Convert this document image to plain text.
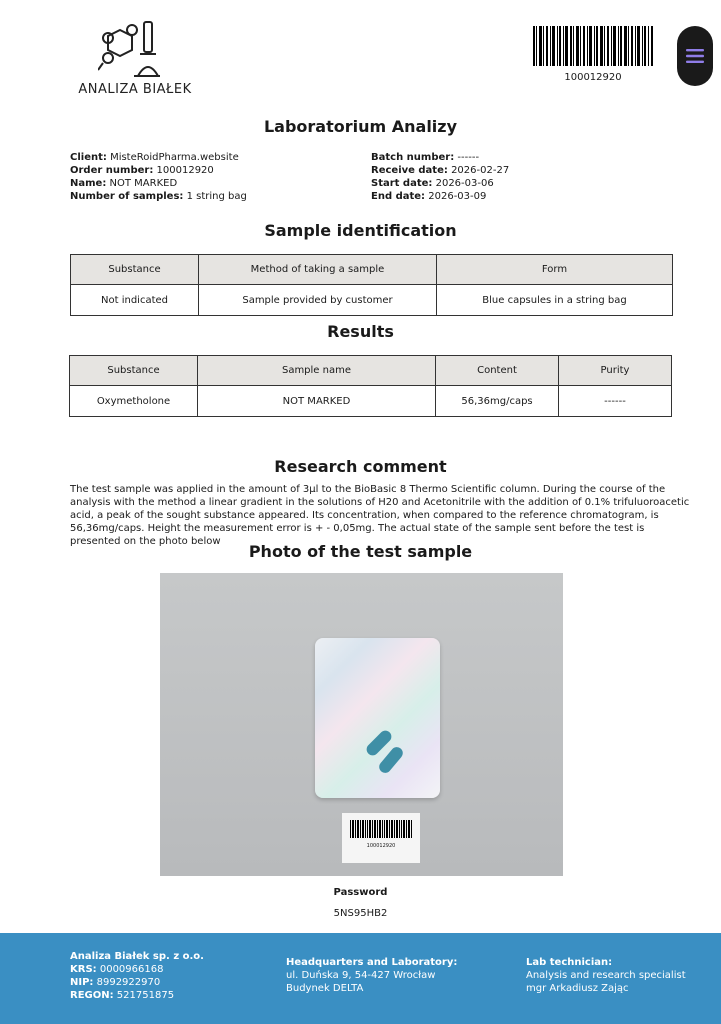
ANALIZA BIAŁEK
100012920
Laboratorium Analizy
Client: MisteRoidPharma.website
Order number: 100012920
Name: NOT MARKED
Number of samples: 1 string bag
Batch number: ------
Receive date: 2026-02-27
Start date: 2026-03-06
End date: 2026-03-09
Sample identification
Substance	Method of taking a sample	Form
Not indicated	Sample provided by customer	Blue capsules in a string bag
Results
Substance	Sample name	Content	Purity
Oxymetholone	NOT MARKED	56,36mg/caps	------
Research comment

The test sample was applied in the amount of 3µl to the BioBasic 8 Thermo Scientific column. During the course of the analysis with the method a linear gradient in the solutions of H20 and Acetonitrile with the addition of 0.1% trifuluoroacetic acid, a peak of the sought substance appeared. Its concentration, when compared to the reference chromatogram, is 56,36mg/caps. Height the measurement error is + - 0,05mg. The actual state of the sample sent before the test is presented on the photo below

Photo of the test sample
100012920
Password
5NS95HB2
Analiza Białek sp. z o.o.
KRS: 0000966168
NIP: 8992922970
REGON: 521751875
Headquarters and Laboratory:
ul. Duńska 9, 54-427 Wrocław
Budynek DELTA
Lab technician:
Analysis and research specialist
mgr Arkadiusz Zając
